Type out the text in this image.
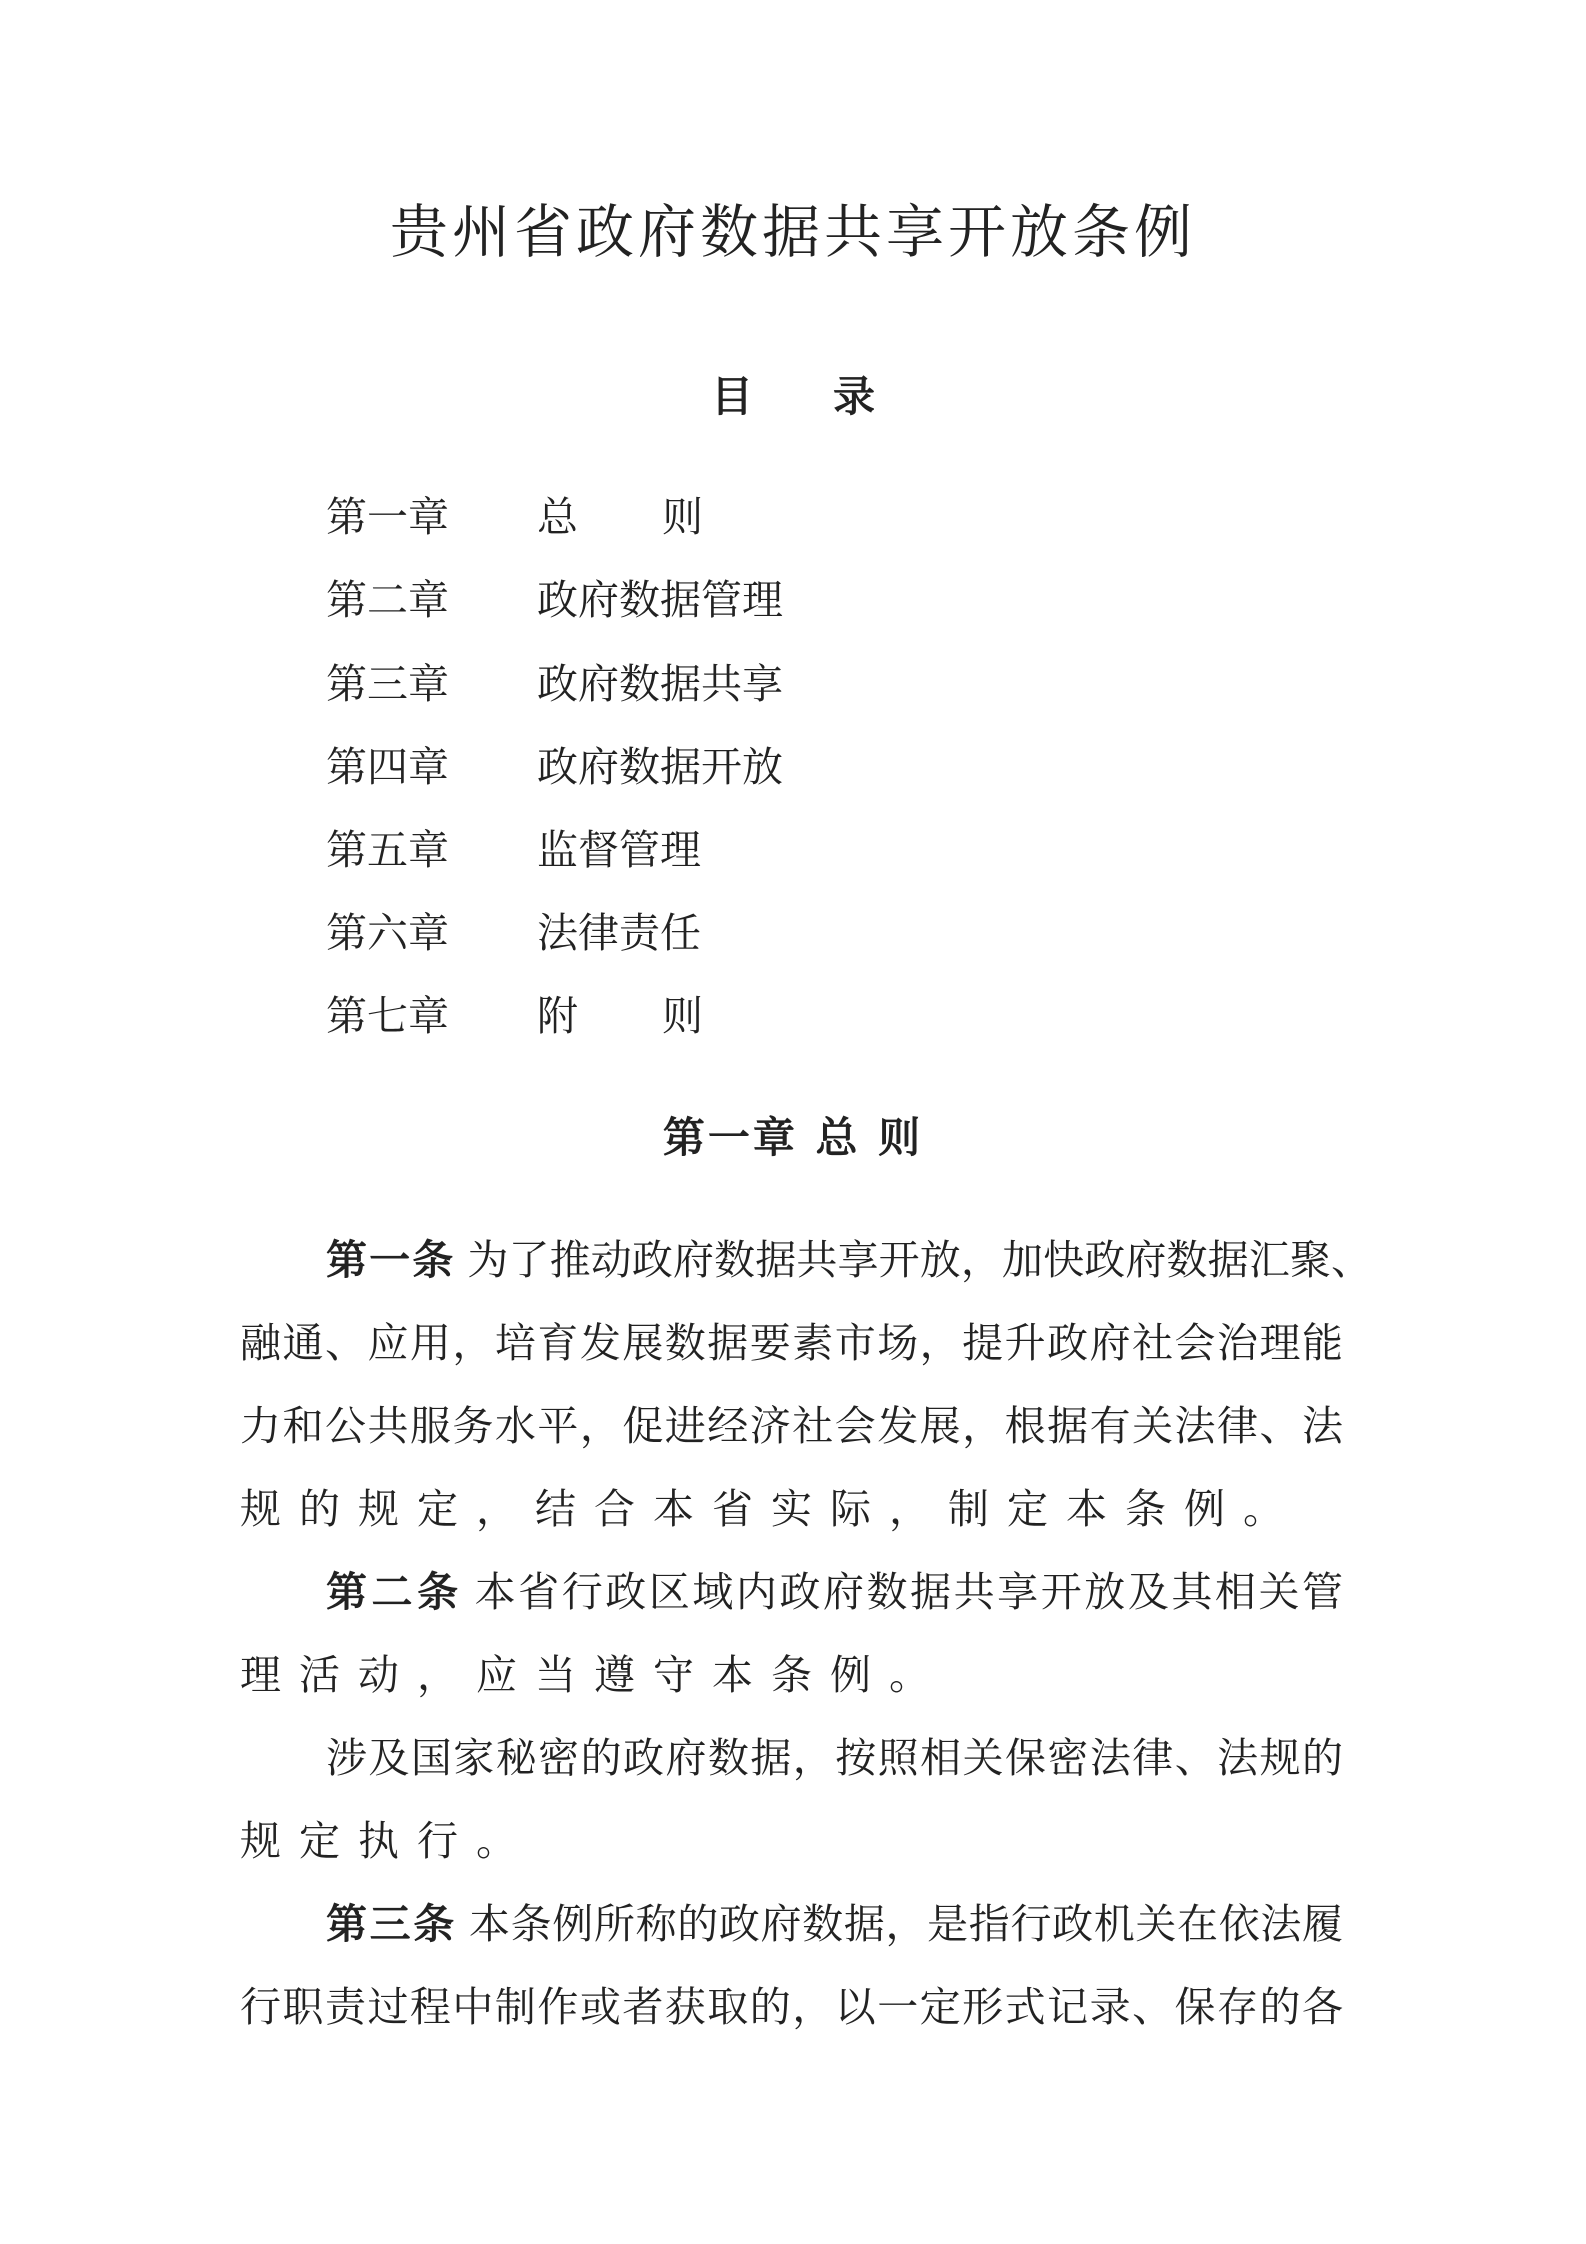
贵州省政府数据共享开放条例
目 录
第一章 总则
第二章 政府数据管理
第三章 政府数据共享
第四章 政府数据开放
第五章 监督管理
第六章 法律责任
第七章 附则
第一章 总 则
第一条 为了推动政府数据共享开放，加快政府数据汇聚、
融通、应用，培育发展数据要素市场，提升政府社会治理能
力和公共服务水平，促进经济社会发展，根据有关法律、法
规的规定，结合本省实际，制定本条例。
第二条 本省行政区域内政府数据共享开放及其相关管
理活动，应当遵守本条例。
涉及国家秘密的政府数据，按照相关保密法律、法规的
规定执行。
第三条 本条例所称的政府数据，是指行政机关在依法履
行职责过程中制作或者获取的，以一定形式记录、保存的各
